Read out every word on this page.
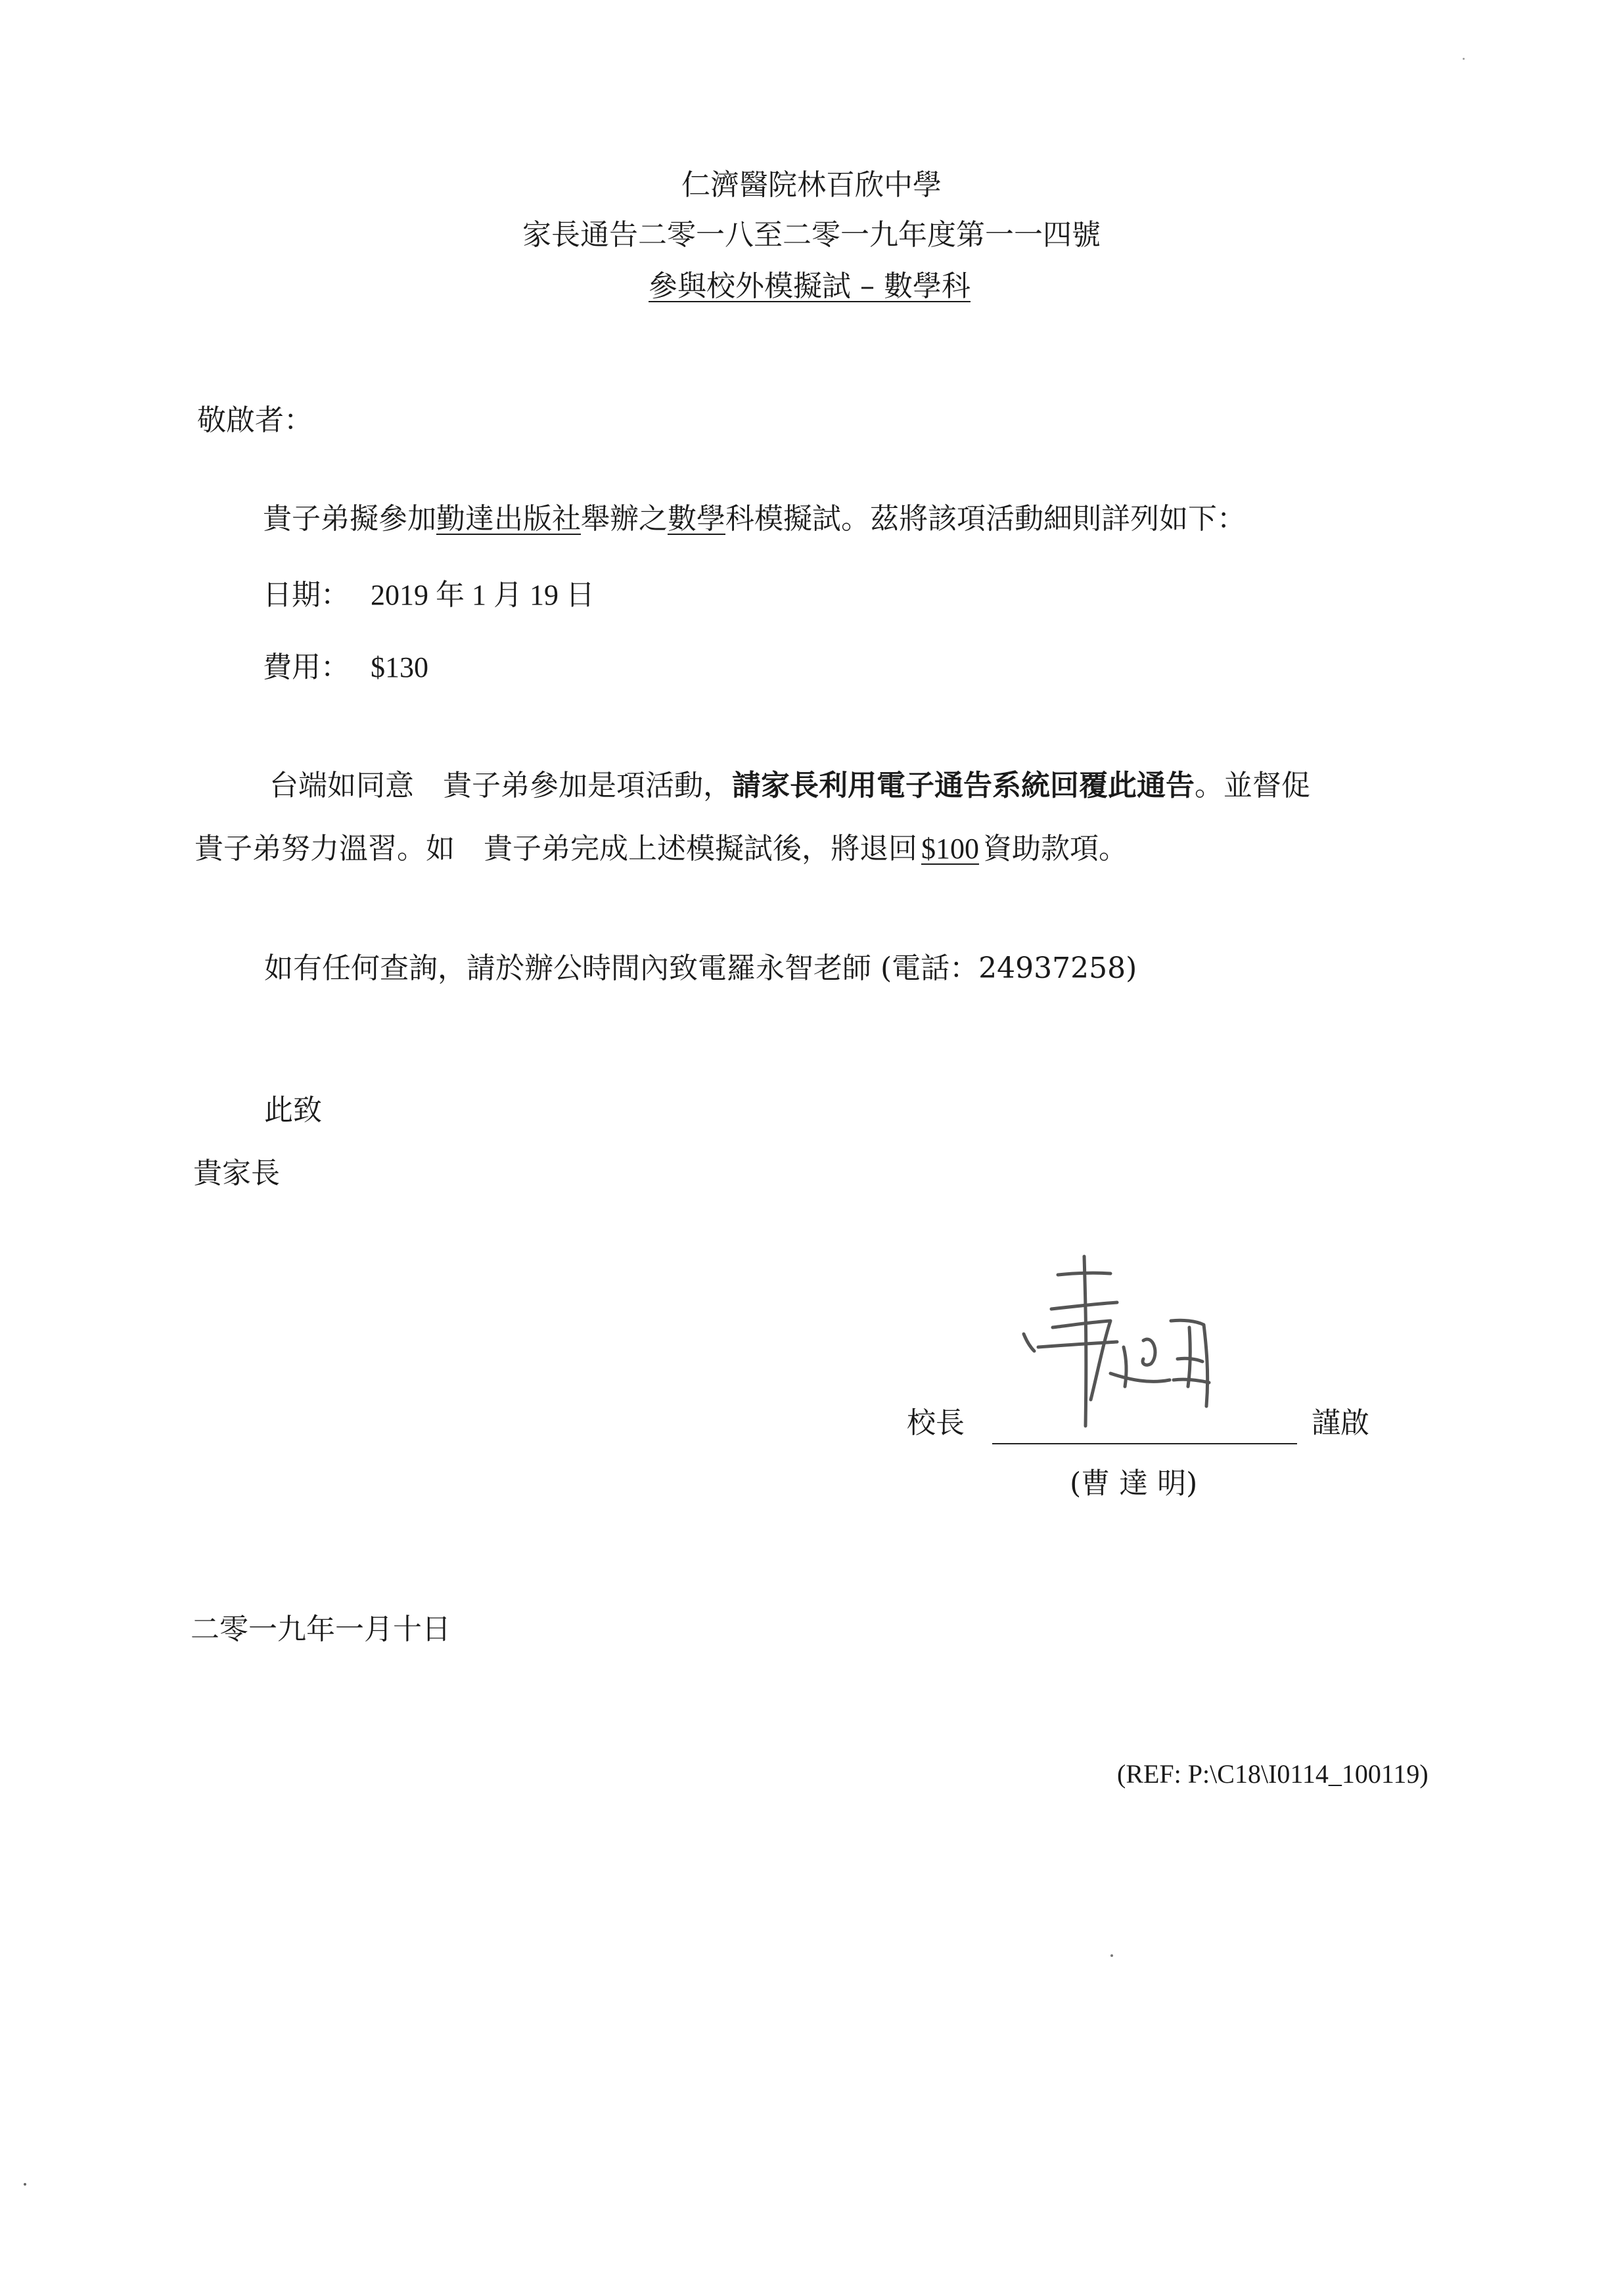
仁濟醫院林百欣中學
家長通告二零一八至二零一九年度第一一四號
參與校外模擬試 – 數學科
敬啟者：
貴子弟擬參加勤達出版社舉辦之數學科模擬試。茲將該項活動細則詳列如下：
日期： 2019 年 1 月 19 日
費用： $130
台端如同意　貴子弟參加是項活動，請家長利用電子通告系統回覆此通告。並督促
貴子弟努力溫習。如　貴子弟完成上述模擬試後，將退回 $100 資助款項。
如有任何查詢，請於辦公時間內致電羅永智老師 (電話：24937258)
此致
貴家長
校長	謹啟
(曹 達 明)
二零一九年一月十日
(REF: P:\C18\I0114_100119)
